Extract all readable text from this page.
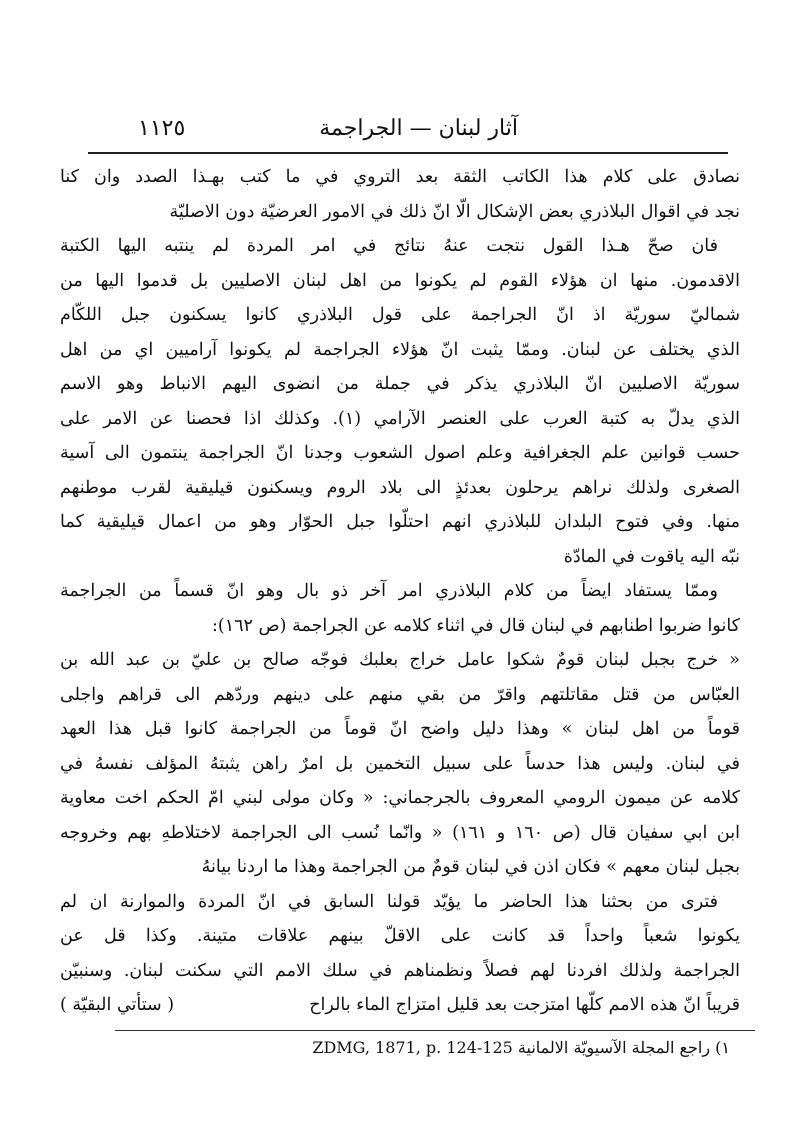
آثار لبنان — الجراجمة
١١٢٥
نصادق على كلام هذا الكاتب الثقة بعد التروي في ما كتب بهـذا الصدد وان كنا
نجد في اقوال البلاذري بعض الإشكال الّا انّ ذلك في الامور العرضيّة دون الاصليّة
فان صحّ هـذا القول نتجت عنهُ نتائج في امر المردة لم ينتبه اليها الكتبة
الاقدمون. منها ان هؤلاء القوم لم يكونوا من اهل لبنان الاصليين بل قدموا اليها من
شماليّ سوريّة اذ انّ الجراجمة على قول البلاذري كانوا يسكنون جبل اللكّام
الذي يختلف عن لبنان. وممّا يثبت انّ هؤلاء الجراجمة لم يكونوا آراميين اي من اهل
سوريّة الاصليين انّ البلاذري يذكر في جملة من انضوى اليهم الانباط وهو الاسم
الذي يدلّ به كتبة العرب على العنصر الآرامي (١). وكذلك اذا فحصنا عن الامر على
حسب قوانين علم الجغرافية وعلم اصول الشعوب وجدنا انّ الجراجمة ينتمون الى آسية
الصغرى ولذلك نراهم يرحلون بعدئذٍ الى بلاد الروم ويسكنون قيليقية لقرب موطنهم
منها. وفي فتوح البلدان للبلاذري انهم احتلّوا جبل الحوّار وهو من اعمال قيليقية كما
نبّه اليه ياقوت في المادّة
وممّا يستفاد ايضاً من كلام البلاذري امر آخر ذو بال وهو انّ قسماً من الجراجمة
كانوا ضربوا اطنابهم في لبنان قال في اثناء كلامه عن الجراجمة (ص ١٦٢):
« خرج بجبل لبنان قومٌ شكوا عامل خراج بعلبك فوجّه صالح بن عليّ بن عبد الله بن
العبّاس من قتل مقاتلتهم واقرّ من بقي منهم على دينهم وردّهم الى قراهم واجلى
قوماً من اهل لبنان » وهذا دليل واضح انّ قوماً من الجراجمة كانوا قبل هذا العهد
في لبنان. وليس هذا حدساً على سبيل التخمين بل امرٌ راهن يثبتهُ المؤلف نفسهُ في
كلامه عن ميمون الرومي المعروف بالجرجماني: « وكان مولى لبني امّ الحكم اخت معاوية
ابن ابي سفيان قال (ص ١٦٠ و ١٦١) « وانّما نُسب الى الجراجمة لاختلاطهِ بهم وخروجه
بجبل لبنان معهم » فكان اذن في لبنان قومٌ من الجراجمة وهذا ما اردنا بيانهُ
فترى من بحثنا هذا الحاضر ما يؤيّد قولنا السابق في انّ المردة والموارنة ان لم
يكونوا شعباً واحداً قد كانت على الاقلّ بينهم علاقات متينة. وكذا قل عن
الجراجمة ولذلك افردنا لهم فصلاً ونظمناهم في سلك الامم التي سكنت لبنان. وسنبيّن
قريباً انّ هذه الامم كلّها امتزجت بعد قليل امتزاج الماء بالراح
( ستأتي البقيّة )
١) راجع المجلة الآسيويّة الالمانية ZDMG, 1871, p. 124-125
